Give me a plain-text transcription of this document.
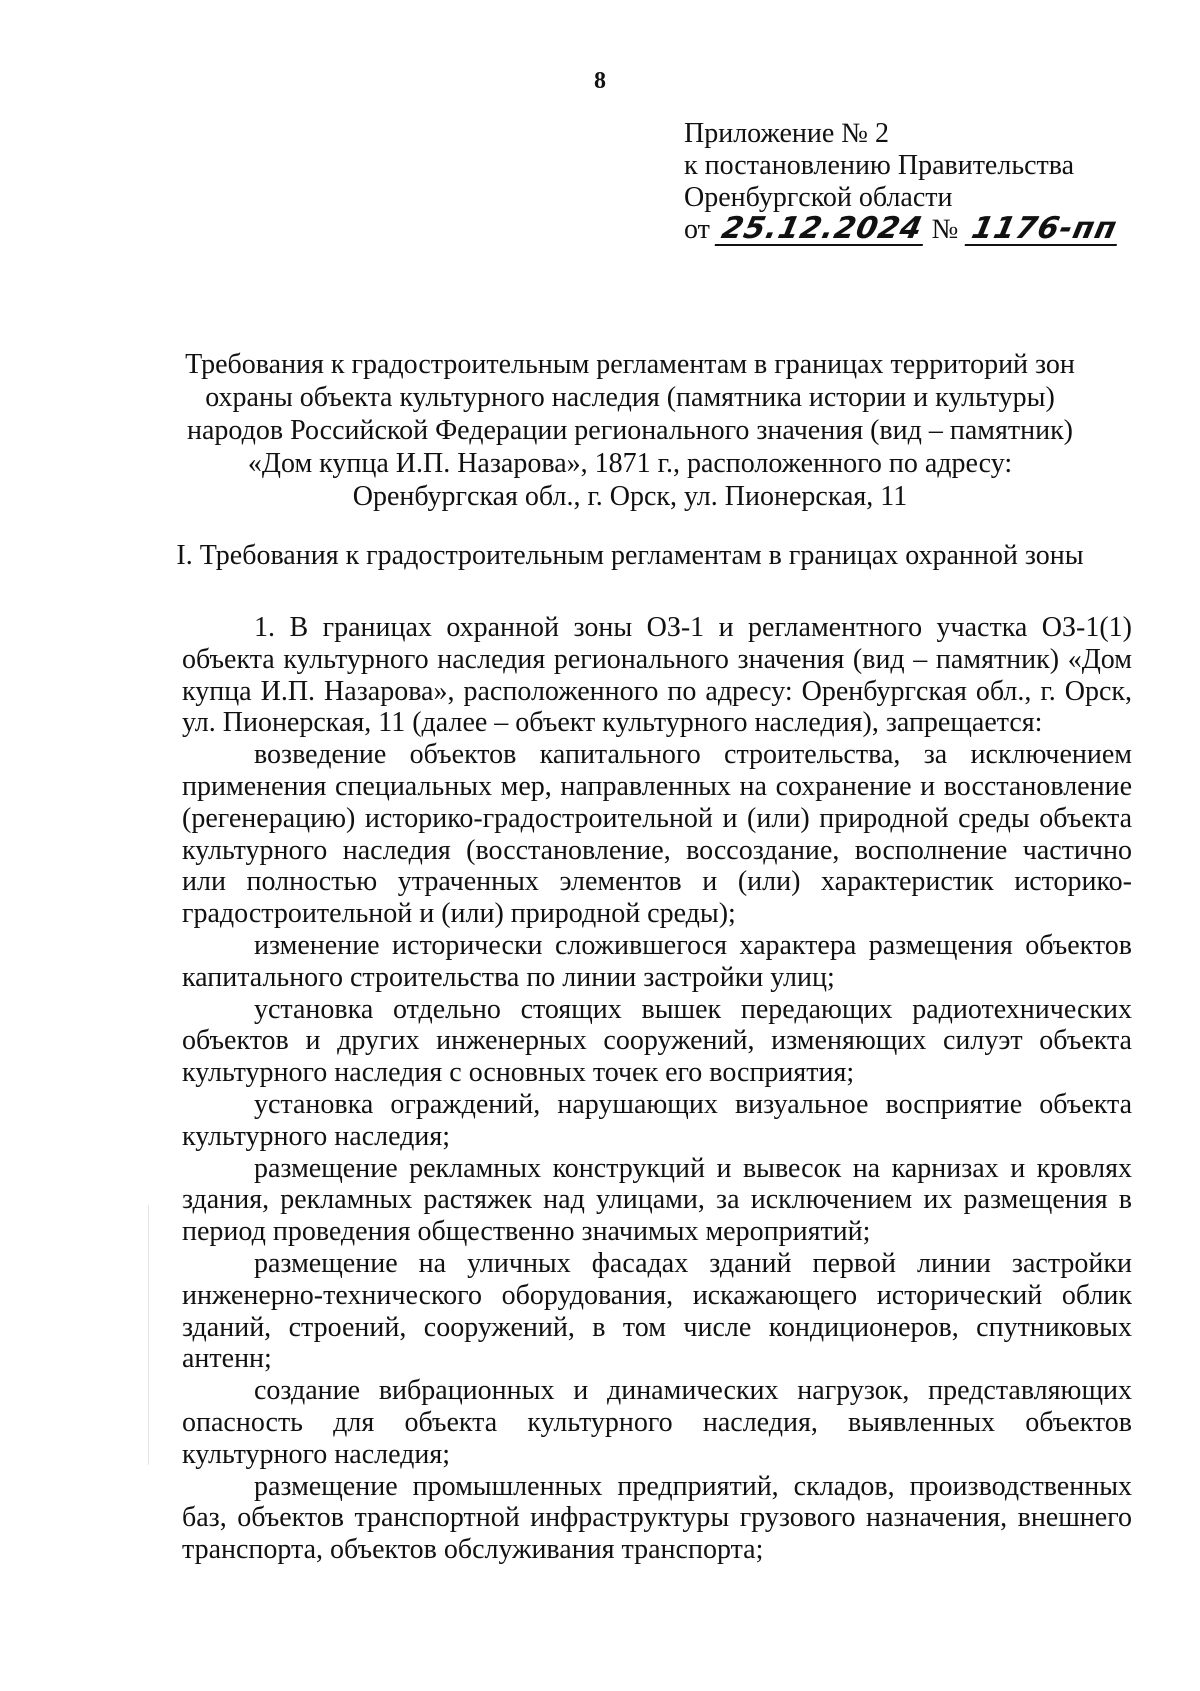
8
Приложение № 2
к постановлению Правительства
Оренбургской области
от 25.12.2024 № 1176-пп
Требования к градостроительным регламентам в границах территорий зон
охраны объекта культурного наследия (памятника истории и культуры)
народов Российской Федерации регионального значения (вид – памятник)
«Дом купца И.П. Назарова», 1871 г., расположенного по адресу:
Оренбургская обл., г. Орск, ул. Пионерская, 11
I. Требования к градостроительным регламентам в границах охранной зоны

1. В границах охранной зоны ОЗ-1 и регламентного участка ОЗ-1(1) объекта культурного наследия регионального значения (вид – памятник) «Дом купца И.П. Назарова», расположенного по адресу: Оренбургская обл., г. Орск, ул. Пионерская, 11 (далее – объект культурного наследия), запрещается:

возведение объектов капитального строительства, за исключением применения специальных мер, направленных на сохранение и восстановление (регенерацию) историко-градостроительной и (или) природной среды объекта культурного наследия (восстановление, воссоздание, восполнение частично или полностью утраченных элементов и (или) характеристик историко-градостроительной и (или) природной среды);

изменение исторически сложившегося характера размещения объектов капитального строительства по линии застройки улиц;

установка отдельно стоящих вышек передающих радиотехнических объектов и других инженерных сооружений, изменяющих силуэт объекта культурного наследия с основных точек его восприятия;

установка ограждений, нарушающих визуальное восприятие объекта культурного наследия;

размещение рекламных конструкций и вывесок на карнизах и кровлях здания, рекламных растяжек над улицами, за исключением их размещения в период проведения общественно значимых мероприятий;

размещение на уличных фасадах зданий первой линии застройки инженерно-технического оборудования, искажающего исторический облик зданий, строений, сооружений, в том числе кондиционеров, спутниковых антенн;

создание вибрационных и динамических нагрузок, представляющих опасность для объекта культурного наследия, выявленных объектов культурного наследия;

размещение промышленных предприятий, складов, производственных баз, объектов транспортной инфраструктуры грузового назначения, внешнего транспорта, объектов обслуживания транспорта;
